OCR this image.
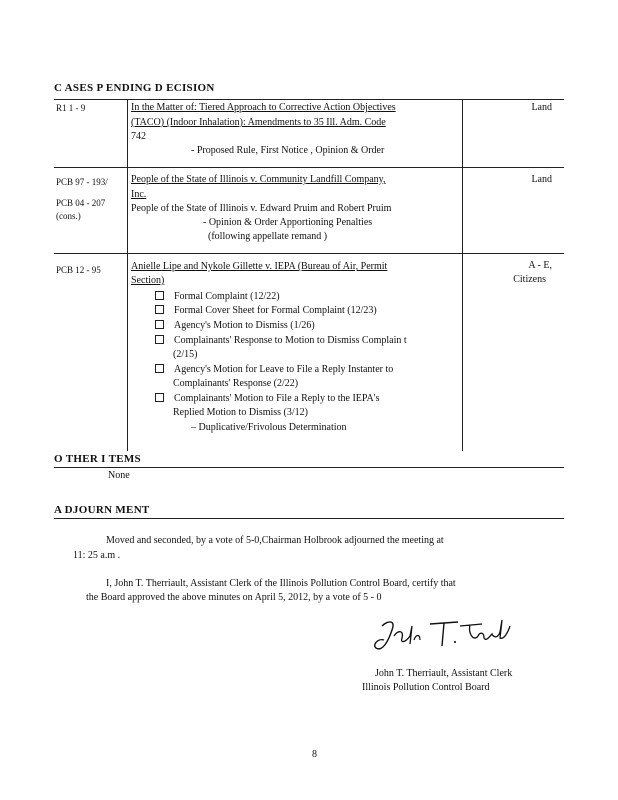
C ASES P ENDING D ECISION
R1 1 - 9	In the Matter of: Tiered Approach to Corrective Action Objectives
(TACO) (Indoor Inhalation): Amendments to 35 Ill. Adm. Code
742
- Proposed Rule, First Notice , Opinion & Order
Land
PCB 97 - 193/
PCB 04 - 207
(cons.)
People of the State of Illinois v. Community Landfill Company,
Inc.
People of the State of Illinois v. Edward Pruim and Robert Pruim
- Opinion & Order Apportioning Penalties
(following appellate remand )
Land
PCB 12 - 95	Anielle Lipe and Nykole Gillette v. IEPA (Bureau of Air, Permit
Section)
Formal Complaint (12/22)
Formal Cover Sheet for Formal Complaint (12/23)
Agency's Motion to Dismiss (1/26)
Complainants' Response to Motion to Dismiss Complain t
(2/15)
Agency's Motion for Leave to File a Reply Instanter to
Complainants' Response (2/22)
Complainants' Motion to File a Reply to the IEPA's
Replied Motion to Dismiss (3/12)
– Duplicative/Frivolous Determination
A - E,
Citizens
O THER I TEMS
None
A DJOURN MENT
Moved and seconded, by a vote of 5-0,Chairman Holbrook adjourned the meeting at
11: 25 a.m .
I, John T. Therriault, Assistant Clerk of the Illinois Pollution Control Board, certify that
the Board approved the above minutes on April 5, 2012, by a vote of 5 - 0
John T. Therriault, Assistant Clerk
Illinois Pollution Control Board
8
